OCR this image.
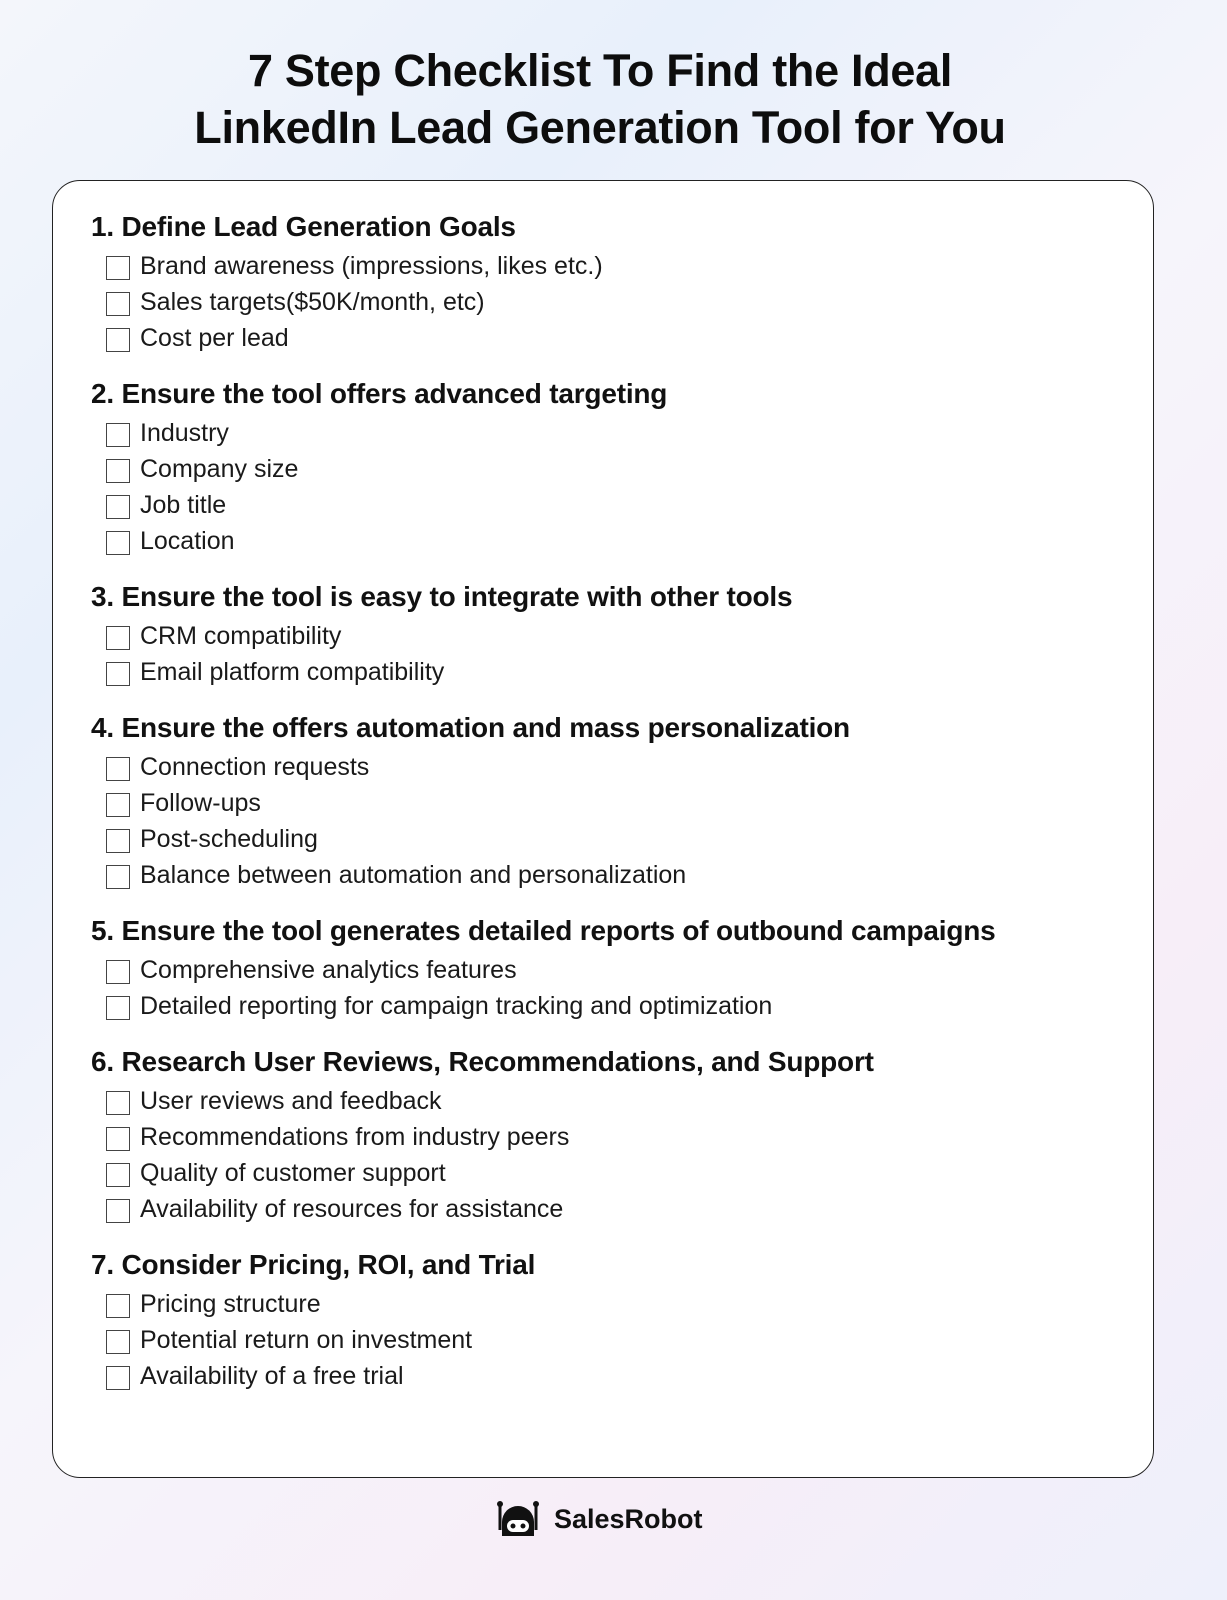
7 Step Checklist To Find the Ideal
LinkedIn Lead Generation Tool for You
1. Define Lead Generation Goals
Brand awareness (impressions, likes etc.)
Sales targets($50K/month, etc)
Cost per lead
2. Ensure the tool offers advanced targeting
Industry
Company size
Job title
Location
3. Ensure the tool is easy to integrate with other tools
CRM compatibility
Email platform compatibility
4. Ensure the offers automation and mass personalization
Connection requests
Follow-ups
Post-scheduling
Balance between automation and personalization
5. Ensure the tool generates detailed reports of outbound campaigns
Comprehensive analytics features
Detailed reporting for campaign tracking and optimization
6. Research User Reviews, Recommendations, and Support
User reviews and feedback
Recommendations from industry peers
Quality of customer support
Availability of resources for assistance
7. Consider Pricing, ROI, and Trial
Pricing structure
Potential return on investment
Availability of a free trial
SalesRobot
